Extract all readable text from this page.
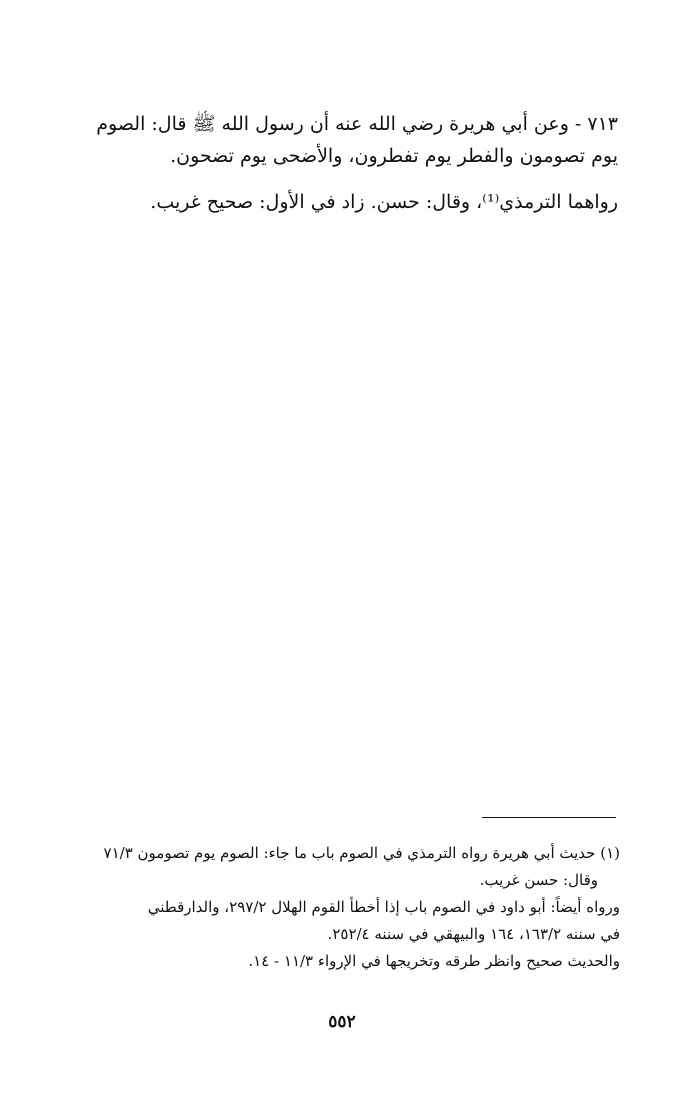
٧١٣ - وعن أبي هريرة رضي الله عنه أن رسول الله ﷺ قال: الصوم
يوم تصومون والفطر يوم تفطرون، والأضحى يوم تضحون.

رواهما الترمذي⁽¹⁾، وقال: حسن. زاد في الأول: صحيح غريب.

(١) حديث أبي هريرة رواه الترمذي في الصوم باب ما جاء: الصوم يوم تصومون ٧١/٣

وقال: حسن غريب.

ورواه أيضاً: أبو داود في الصوم باب إذا أخطأ القوم الهلال ٢٩٧/٢، والدارقطني

في سننه ١٦٣/٢، ١٦٤ والبيهقي في سننه ٢٥٢/٤.

والحديث صحيح وانظر طرقه وتخريجها في الإرواء ١١/٣ - ١٤.

٥٥٢
